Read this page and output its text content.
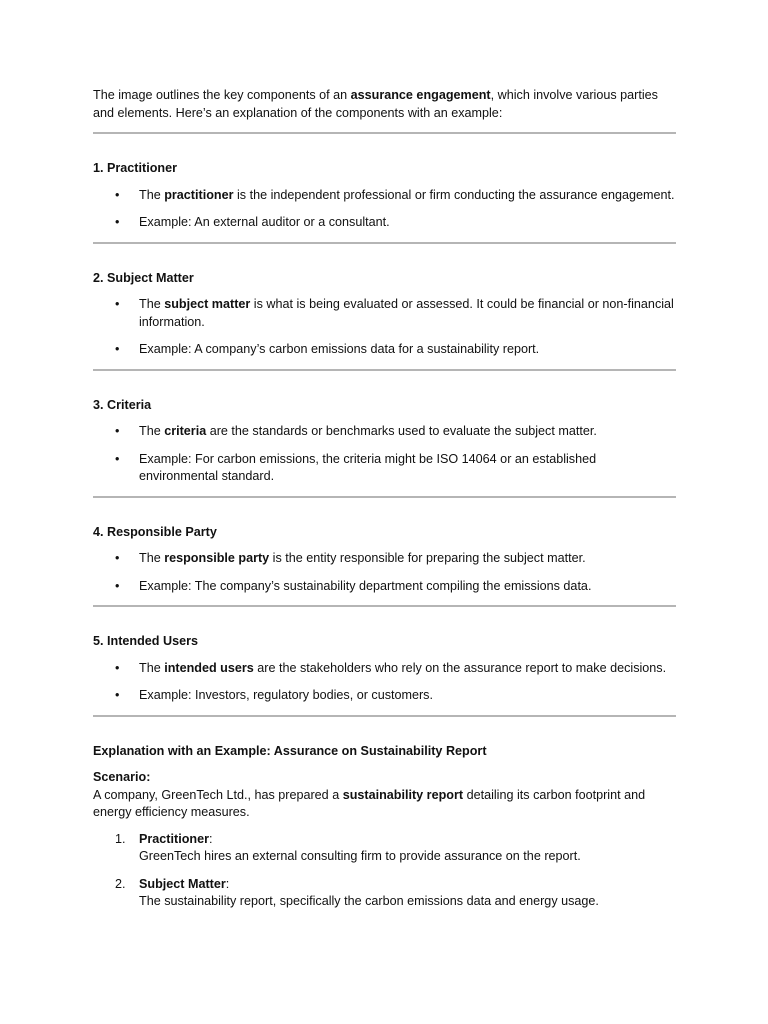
The image outlines the key components of an assurance engagement, which involve various parties and elements. Here’s an explanation of the components with an example:

1. Practitioner

• The practitioner is the independent professional or firm conducting the assurance engagement.
• Example: An external auditor or a consultant.

2. Subject Matter

• The subject matter is what is being evaluated or assessed. It could be financial or non-financial information.
• Example: A company’s carbon emissions data for a sustainability report.

3. Criteria

• The criteria are the standards or benchmarks used to evaluate the subject matter.
• Example: For carbon emissions, the criteria might be ISO 14064 or an established environmental standard.

4. Responsible Party

• The responsible party is the entity responsible for preparing the subject matter.
• Example: The company’s sustainability department compiling the emissions data.

5. Intended Users

• The intended users are the stakeholders who rely on the assurance report to make decisions.
• Example: Investors, regulatory bodies, or customers.

Explanation with an Example: Assurance on Sustainability Report

Scenario:

A company, GreenTech Ltd., has prepared a sustainability report detailing its carbon footprint and energy efficiency measures.

1. Practitioner:
GreenTech hires an external consulting firm to provide assurance on the report.
2. Subject Matter:
The sustainability report, specifically the carbon emissions data and energy usage.
